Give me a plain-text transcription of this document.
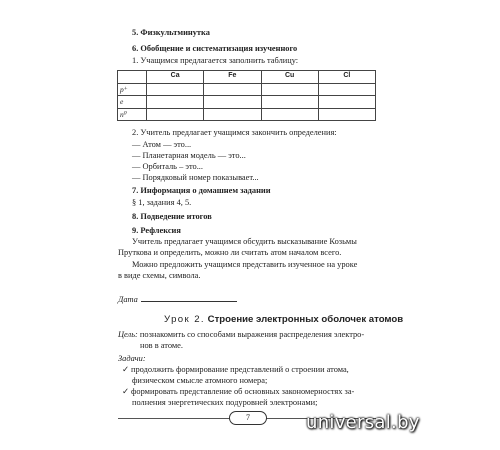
5. Физкультминутка
6. Обобщение и систематизация изученного
1. Учащимся предлагается заполнить таблицу:
	Ca	Fe	Cu	Cl
p⁺				
e				
n⁰				
2. Учитель предлагает учащимся закончить определения:
— Атом — это...
— Планетарная модель — это...
— Орбиталь – это...
— Порядковый номер показывает...
7. Информация о домашнем задании
§ 1, задания 4, 5.
8. Подведение итогов
9. Рефлексия
Учитель предлагает учащимся обсудить высказывание Козьмы
Пруткова и определить, можно ли считать атом началом всего.
Можно предложить учащимся представить изученное на уроке
в виде схемы, символа.
Дата
Урок 2. Строение электронных оболочек атомов
Цель: познакомить со способами выражения распределения электро-
нов в атоме.
Задачи:
✓ продолжить формирование представлений о строении атома,
физическом смысле атомного номера;
✓ формировать представление об основных закономерностях за-
полнения энергетических подуровней электронами;
7	universal.by
